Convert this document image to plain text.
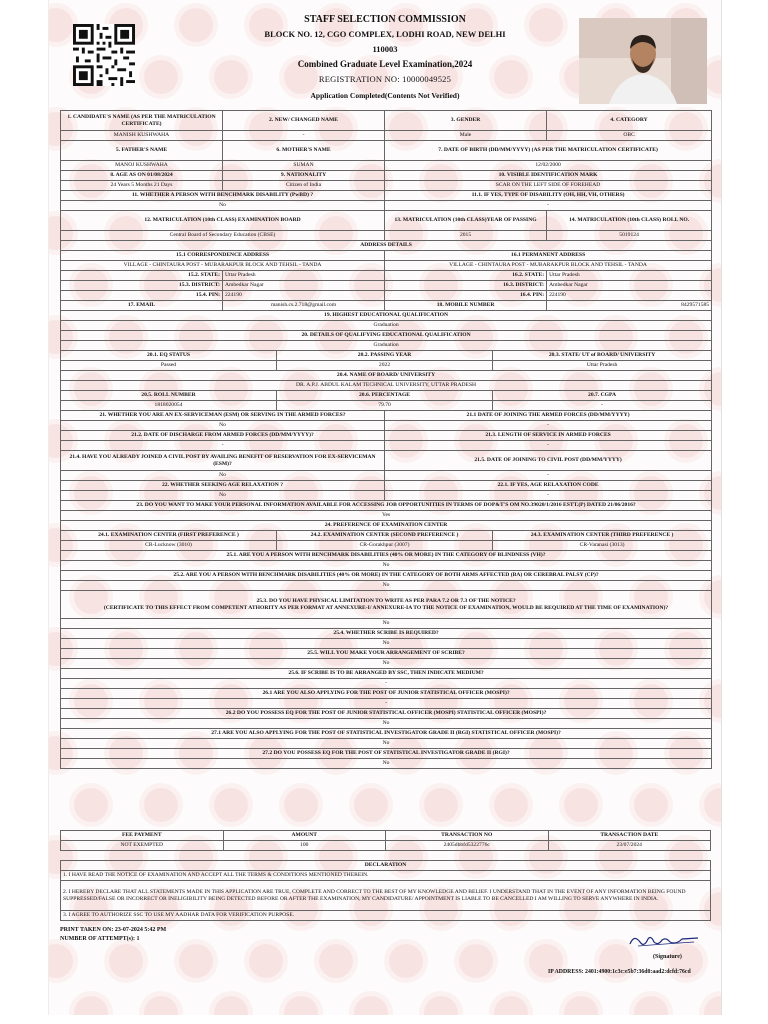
STAFF SELECTION COMMISSION
BLOCK NO. 12, CGO COMPLEX, LODHI ROAD, NEW DELHI
110003
Combined Graduate Level Examination,2024
REGISTRATION NO: 10000049525
Application Completed(Contents Not Verified)
1. CANDIDATE'S NAME (AS PER THE MATRICULATION CERTIFICATE)	2. NEW/ CHANGED NAME		3. GENDER		4. CATEGORY
MANISH KUSHWAHA	-		Male		OBC
5. FATHER'S NAME	6. MOTHER'S NAME		7. DATE OF BIRTH (DD/MM/YYYY) (AS PER THE MATRICULATION CERTIFICATE)		
MANOJ KUSHWAHA	SUMAN		12/02/2000		
8. AGE AS ON 01/08/2024	9. NATIONALITY		10. VISIBLE IDENTIFICATION MARK		
24 Years 5 Months 21 Days	Citizen of India		SCAR ON THE LEFT SIDE OF FOREHEAD		
11. WHETHER A PERSON WITH BENCHMARK DISABILITY (PwBD) ?			11.1. IF YES, TYPE OF DISABILITY (OH, HH, VH, OTHERS)		
No			-		
12. MATRICULATION (10th CLASS) EXAMINATION BOARD			13. MATRICULATION (10th CLASS)YEAR OF PASSING		14. MATRICULATION (10th CLASS) ROLL NO.
Central Board of Secondary Education (CBSE)			2015		5019124
ADDRESS DETAILS					
15.1 CORRESPONDENCE ADDRESS			16.1 PERMANENT ADDRESS		
VILLAGE - CHINTAURA POST - MUBARAKPUR BLOCK AND TEHSIL - TANDA			VILLAGE - CHINTAURA POST - MUBARAKPUR BLOCK AND TEHSIL - TANDA		
15.2. STATE:	Uttar Pradesh		16.2. STATE:		Uttar Pradesh
15.3. DISTRICT:	Ambedkar Nagar		16.3. DISTRICT:		Ambedkar Nagar
15.4. PIN:	224190		16.4. PIN:		224190
17. EMAIL	manish.cs.2.718@gmail.com		18. MOBILE NUMBER		8429571585
19. HIGHEST EDUCATIONAL QUALIFICATION					
Graduation					
20. DETAILS OF QUALIFYING EDUCATIONAL QUALIFICATION					
Graduation					
20.1. EQ STATUS		20.2. PASSING YEAR		20.3. STATE/ UT of BOARD/ UNIVERSITY	
Passed		2022		Uttar Pradesh	
20.4. NAME OF BOARD/ UNIVERSITY					
DR. A.P.J. ABDUL KALAM TECHNICAL UNIVERSITY, UTTAR PRADESH					
20.5. ROLL NUMBER		20.6. PERCENTAGE		20.7. CGPA	
1818020054		79.70		-	
21. WHETHER YOU ARE AN EX-SERVICEMAN (ESM) OR SERVING IN THE ARMED FORCES?			21.1 DATE OF JOINING THE ARMED FORCES (DD/MM/YYYY)		
No			-		
21.2. DATE OF DISCHARGE FROM ARMED FORCES (DD/MM/YYYY)?			21.3. LENGTH OF SERVICE IN ARMED FORCES		
-			-		
21.4. HAVE YOU ALREADY JOINED A CIVIL POST BY AVAILING BENEFIT OF RESERVATION FOR EX-SERVICEMAN (ESM)?			21.5. DATE OF JOINING TO CIVIL POST (DD/MM/YYYY)		
No			-		
22. WHETHER SEEKING AGE RELAXATION ?			22.1. IF YES, AGE RELAXATION CODE		
No			-		
23. DO YOU WANT TO MAKE YOUR PERSONAL INFORMATION AVAILABLE FOR ACCESSING JOB OPPORTUNITIES IN TERMS OF DOP&T'S OM NO.39020/1/2016 ESTT.(P) DATED 21/06/2016?					
Yes					
24. PREFERENCE OF EXAMINATION CENTER					
24.1. EXAMINATION CENTER (FIRST PREFERENCE )		24.2. EXAMINATION CENTER (SECOND PREFERENCE )		24.3. EXAMINATION CENTER (THIRD PREFERENCE )	
CR-Lucknow (3010)		CR-Gorakhpur (3007)		CR-Varanasi (3013)	
25.1. ARE YOU A PERSON WITH BENCHMARK DISABILITIES (40% OR MORE) IN THE CATEGORY OF BLINDNESS (VH)?					
No					
25.2. ARE YOU A PERSON WITH BENCHMARK DISABILITIES (40% OR MORE) IN THE CATEGORY OF BOTH ARMS AFFECTED (BA) OR CEREBRAL PALSY (CP)?					
No					

25.3. DO YOU HAVE PHYSICAL LIMITATION TO WRITE AS PER PARA 7.2 OR 7.3 OF THE NOTICE?
(CERTIFICATE TO THIS EFFECT FROM COMPETENT ATHORITY AS PER FORMAT AT ANNEXURE-I/ ANNEXURE-IA TO THE NOTICE OF EXAMINATION, WOULD BE REQUIRED AT THE TIME OF EXAMINATION)?					

No					
25.4. WHETHER SCRIBE IS REQUIRED?					
No					
25.5. WILL YOU MAKE YOUR ARRANGEMENT OF SCRIBE?					
No					
25.6. IF SCRIBE IS TO BE ARRANGED BY SSC, THEN INDICATE MEDIUM?					
-					
26.1 ARE YOU ALSO APPLYING FOR THE POST OF JUNIOR STATISTICAL OFFICER (MOSPI)?					
-					
26.2 DO YOU POSSESS EQ FOR THE POST OF JUNIOR STATISTICAL OFFICER (MOSPI) STATISTICAL OFFICER (MOSPI)?					
No					
27.1 ARE YOU ALSO APPLYING FOR THE POST OF STATISTICAL INVESTIGATOR GRADE II (RGI) STATISTICAL OFFICER (MOSPI)?					
No					
27.2 DO YOU POSSESS EQ FOR THE POST OF STATISTICAL INVESTIGATOR GRADE II (RGI)?					
No					
FEE PAYMENT	AMOUNT	TRANSACTION NO	TRANSACTION DATE
NOT EXEMPTED	100	2405dbbfd5322776c	23/07/2024
DECLARATION
1. I HAVE READ THE NOTICE OF EXAMINATION AND ACCEPT ALL THE TERMS & CONDITIONS MENTIONED THEREIN.
2. I HEREBY DECLARE THAT ALL STATEMENTS MADE IN THIS APPLICATION ARE TRUE, COMPLETE AND CORRECT TO THE BEST OF MY KNOWLEDGE AND BELIEF. I UNDERSTAND THAT IN THE EVENT OF ANY INFORMATION BEING FOUND SUPPRESSED/FALSE OR INCORRECT OR INELIGIBILITY BEING DETECTED BEFORE OR AFTER THE EXAMINATION, MY CANDIDATURE/ APPOINTMENT IS LIABLE TO BE CANCELLED I AM WILLING TO SERVE ANYWHERE IN INDIA.
3. I AGREE TO AUTHORIZE SSC TO USE MY AADHAR DATA FOR VERIFICATION PURPOSE.
PRINT TAKEN ON: 23-07-2024 5:42 PM
NUMBER OF ATTEMPT(s): 1
(Signature)
IP ADDRESS: 2401:4900:1c3c:e5b7:36d0:aad2:dcfd:76cd
